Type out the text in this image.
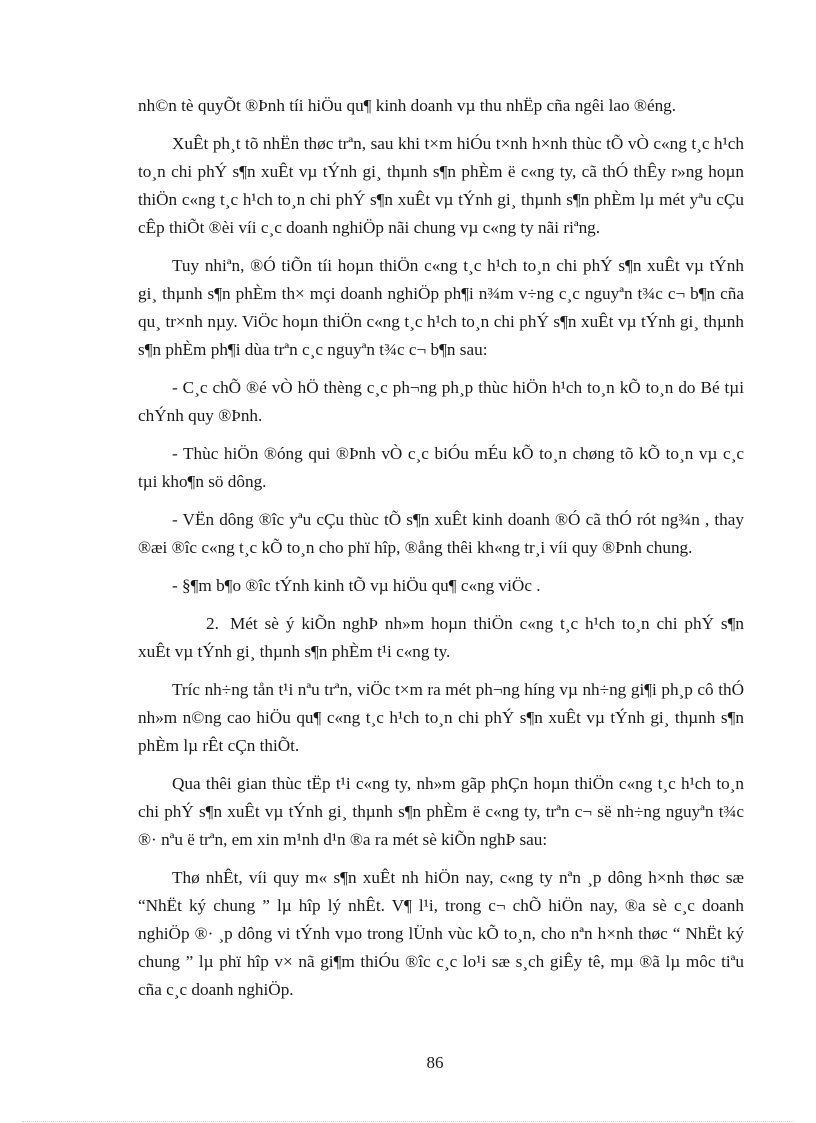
nh©n tè quyÕt ®Þnh tíi hiÖu qu¶ kinh doanh vµ thu nhËp cña ngêi lao ®éng.

XuÊt ph¸t tõ nhËn thøc trªn, sau khi t×m hiÓu t×nh h×nh thùc tÕ vÒ c«ng t¸c h¹ch to¸n chi phÝ s¶n xuÊt vµ tÝnh gi¸ thµnh s¶n phÈm ë c«ng ty, cã thÓ thÊy r»ng hoµn thiÖn c«ng t¸c h¹ch to¸n chi phÝ s¶n xuÊt vµ tÝnh gi¸ thµnh s¶n phÈm lµ mét yªu cÇu cÊp thiÕt ®èi víi c¸c doanh nghiÖp nãi chung vµ c«ng ty nãi riªng.

Tuy nhiªn, ®Ó tiÕn tíi hoµn thiÖn c«ng t¸c h¹ch to¸n chi phÝ s¶n xuÊt vµ tÝnh gi¸ thµnh s¶n phÈm th× mçi doanh nghiÖp ph¶i n¾m v÷ng c¸c nguyªn t¾c c¬ b¶n cña qu¸ tr×nh nµy. ViÖc hoµn thiÖn c«ng t¸c h¹ch to¸n chi phÝ s¶n xuÊt vµ tÝnh gi¸ thµnh s¶n phÈm ph¶i dùa trªn c¸c nguyªn t¾c c¬ b¶n sau:

- C¸c chÕ ®é vÒ hÖ thèng c¸c ph¬ng ph¸p thùc hiÖn h¹ch to¸n kÕ to¸n do Bé tµi chÝnh quy ®Þnh.

- Thùc hiÖn ®óng qui ®Þnh vÒ c¸c biÓu mÉu kÕ to¸n chøng tõ kÕ to¸n vµ c¸c tµi kho¶n sö dông.

- VËn dông ®îc yªu cÇu thùc tÕ s¶n xuÊt kinh doanh ®Ó cã thÓ rót ng¾n , thay ®æi ®îc c«ng t¸c kÕ to¸n cho phï hîp, ®ång thêi kh«ng tr¸i víi quy ®Þnh chung.

- §¶m b¶o ®îc tÝnh kinh tÕ vµ hiÖu qu¶ c«ng viÖc .

2. Mét sè ý kiÕn nghÞ nh»m hoµn thiÖn c«ng t¸c h¹ch to¸n chi phÝ s¶n xuÊt vµ tÝnh gi¸ thµnh s¶n phÈm t¹i c«ng ty.

Tríc nh÷ng tån t¹i nªu trªn, viÖc t×m ra mét ph¬ng híng vµ nh÷ng gi¶i ph¸p cô thÓ nh»m n©ng cao hiÖu qu¶ c«ng t¸c h¹ch to¸n chi phÝ s¶n xuÊt vµ tÝnh gi¸ thµnh s¶n phÈm lµ rÊt cÇn thiÕt.

Qua thêi gian thùc tËp t¹i c«ng ty, nh»m gãp phÇn hoµn thiÖn c«ng t¸c h¹ch to¸n chi phÝ s¶n xuÊt vµ tÝnh gi¸ thµnh s¶n phÈm ë c«ng ty, trªn c¬ së nh÷ng nguyªn t¾c ®· nªu ë trªn, em xin m¹nh d¹n ®a ra mét sè kiÕn nghÞ sau:

Thø nhÊt, víi quy m« s¶n xuÊt nh hiÖn nay, c«ng ty nªn ¸p dông h×nh thøc sæ “NhËt ký chung ” lµ hîp lý nhÊt. V¶ l¹i, trong c¬ chÕ hiÖn nay, ®a sè c¸c doanh nghiÖp ®· ¸p dông vi tÝnh vµo trong lÜnh vùc kÕ to¸n, cho nªn h×nh thøc “ NhËt ký chung ” lµ phï hîp v× nã gi¶m thiÓu ®îc c¸c lo¹i sæ s¸ch giÊy tê, mµ ®ã lµ môc tiªu cña c¸c doanh nghiÖp.

86
